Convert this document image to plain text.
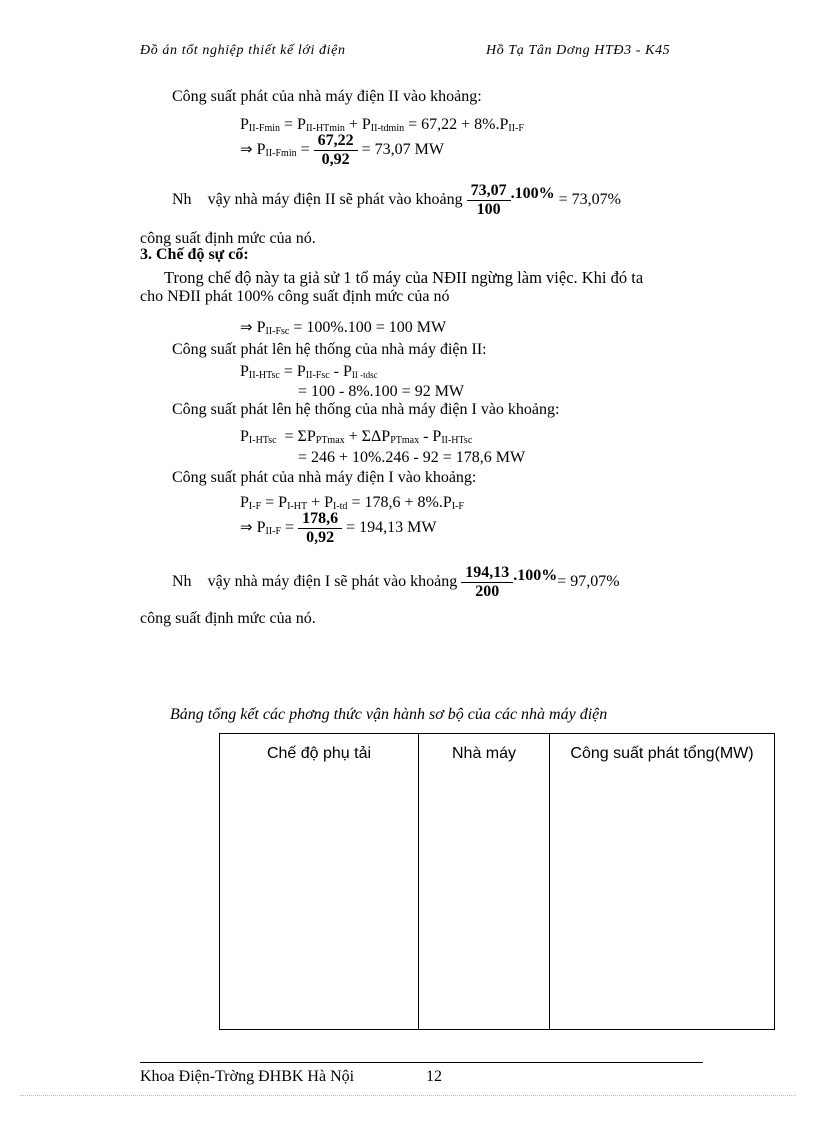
Đồ án tốt nghiệp thiết kế lới điện	Hồ Tạ Tân Dơng HTĐ3 - K45
Công suất phát của nhà máy điện II vào khoảng:
$P_{II-Fmin} = P_{II-HTmin} + P_{II-tdmin} = 67,22 + 8\%.P_{II-F}$
⇒ $P_{II-Fmin} = \frac{67,22}{0,92} = 73,07$ MW
Nh vậy nhà máy điện II sẽ phát vào khoảng $\frac{73,07}{100} .100\% = 73,07\%$
công suất định mức của nó.
3. Chế độ sự cố:
Trong chế độ này ta giả sử 1 tổ máy của NĐII ngừng làm việc. Khi đó ta
cho NĐII phát 100% công suất định mức của nó
⇒ $P_{II-Fsc} = 100\%.100 = 100$ MW
Công suất phát lên hệ thống của nhà máy điện II:
$P_{II-HTsc} = P_{II-Fsc}$ - PII -tdsc
= 100 - 8%.100 = 92 MW
Công suất phát lên hệ thống của nhà máy điện I vào khoảng:
$P_{I-HTsc} = \Sigma P_{PTmax} + \Sigma\Delta P_{PTmax} - P_{II-HTsc}$
= 246 + 10%.246 - 92 = 178,6 MW
Công suất phát của nhà máy điện I vào khoảng:
$P_{I-F} = P_{I-HT} + P_{I-td} = 178,6 + 8\%.P_{I-F}$
⇒ $P_{II-F} = \frac{178,6}{0,92} = 194,13$ MW
Nh vậy nhà máy điện I sẽ phát vào khoảng $\frac{194,13}{200} .100\%= 97,07\%$
công suất định mức của nó.
Bảng tổng kết các phơng thức vận hành sơ bộ của các nhà máy điện
Chế độ phụ tải	Nhà máy	Công suất phát tổng(MW)
Khoa Điện-Trờng ĐHBK Hà Nội	12
